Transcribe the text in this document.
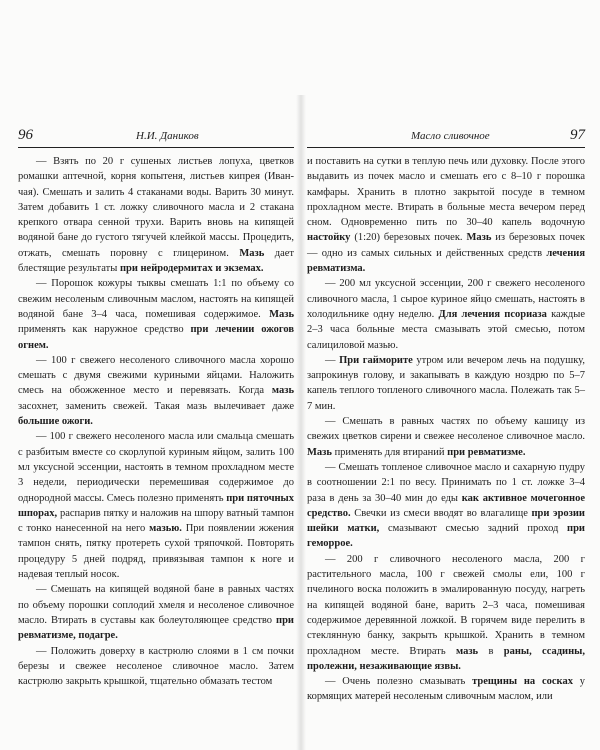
96	Н.И. Даников	Масло сливочное	97

— Взять по 20 г сушеных листьев лопуха, цветков ромашки аптечной, корня копытеня, листьев кипрея (Иван-чая). Смешать и залить 4 стаканами воды. Варить 30 минут. Затем добавить 1 ст. ложку сливочного масла и 2 стакана крепкого отвара сенной трухи. Варить вновь на кипящей водяной бане до густого тягучей клейкой массы. Процедить, отжать, смешать поровну с глицерином. Мазь дает блестящие результаты при нейродермитах и экземах.

— Порошок кожуры тыквы смешать 1:1 по объему со свежим несоленым сливочным маслом, настоять на кипящей водяной бане 3–4 часа, помешивая содержимое. Мазь применять как наружное средство при лечении ожогов огнем.

— 100 г свежего несоленого сливочного масла хорошо смешать с двумя свежими куриными яйцами. Наложить смесь на обожженное место и перевязать. Когда мазь засохнет, заменить свежей. Такая мазь вылечивает даже большие ожоги.

— 100 г свежего несоленого масла или смальца смешать с разбитым вместе со скорлупой куриным яйцом, залить 100 мл уксусной эссенции, настоять в темном прохладном месте 3 недели, периодически перемешивая содержимое до однородной массы. Смесь полезно применять при пяточных шпорах, распарив пятку и наложив на шпору ватный тампон с тонко нанесенной на него мазью. При появлении жжения тампон снять, пятку протереть сухой тряпочкой. Повторять процедуру 5 дней подряд, привязывая тампон к ноге и надевая теплый носок.

— Смешать на кипящей водяной бане в равных частях по объему порошки соплодий хмеля и несоленое сливочное масло. Втирать в суставы как болеутоляющее средство при ревматизме, подагре.

— Положить доверху в кастрюлю слоями в 1 см почки березы и свежее несоленое сливочное масло. Затем кастрюлю закрыть крышкой, тщательно обмазать тестом

и поставить на сутки в теплую печь или духовку. После этого выдавить из почек масло и смешать его с 8–10 г порошка камфары. Хранить в плотно закрытой посуде в темном прохладном месте. Втирать в больные места вечером перед сном. Одновременно пить по 30–40 капель водочную настойку (1:20) березовых почек. Мазь из березовых почек — одно из самых сильных и действенных средств лечения ревматизма.

— 200 мл уксусной эссенции, 200 г свежего несоленого сливочного масла, 1 сырое куриное яйцо смешать, настоять в холодильнике одну неделю. Для лечения псориаза каждые 2–3 часа больные места смазывать этой смесью, потом салициловой мазью.

— При гайморите утром или вечером лечь на подушку, запрокинув голову, и закапывать в каждую ноздрю по 5–7 капель теплого топленого сливочного масла. Полежать так 5–7 мин.

— Смешать в равных частях по объему кашицу из свежих цветков сирени и свежее несоленое сливочное масло. Мазь применять для втираний при ревматизме.

— Смешать топленое сливочное масло и сахарную пудру в соотношении 2:1 по весу. Принимать по 1 ст. ложке 3–4 раза в день за 30–40 мин до еды как активное мочегонное средство. Свечки из смеси вводят во влагалище при эрозии шейки матки, смазывают смесью задний проход при геморрое.

— 200 г сливочного несоленого масла, 200 г растительного масла, 100 г свежей смолы ели, 100 г пчелиного воска положить в эмалированную посуду, нагреть на кипящей водяной бане, варить 2–3 часа, помешивая содержимое деревянной ложкой. В горячем виде перелить в стеклянную банку, закрыть крышкой. Хранить в темном прохладном месте. Втирать мазь в раны, ссадины, пролежни, незаживающие язвы.

— Очень полезно смазывать трещины на сосках у кормящих матерей несоленым сливочным маслом, или
